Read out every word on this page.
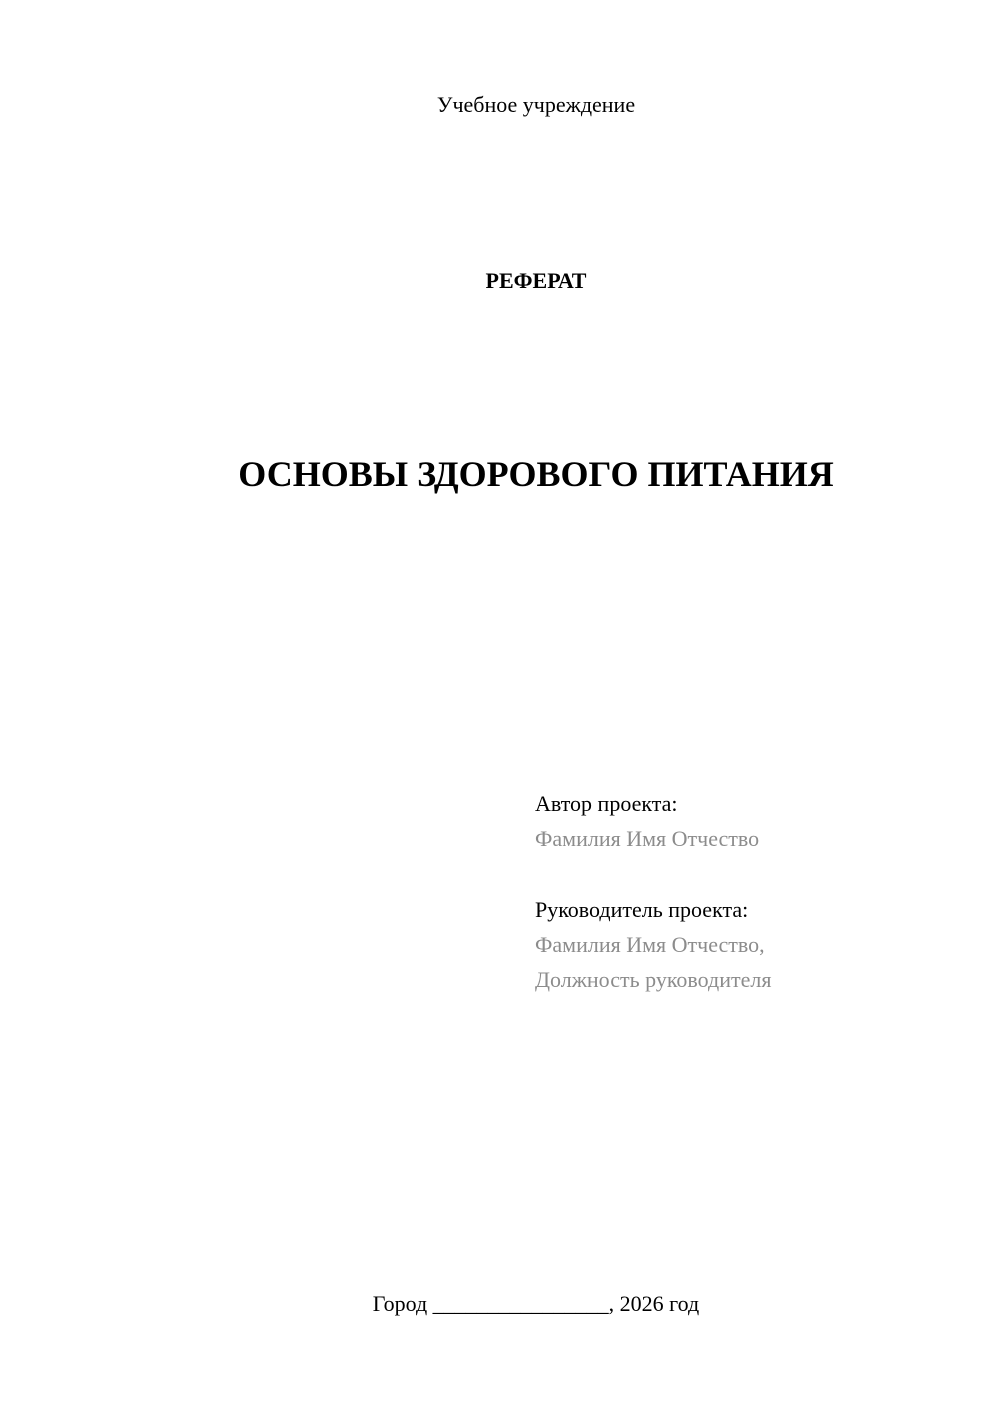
Учебное учреждение
РЕФЕРАТ
ОСНОВЫ ЗДОРОВОГО ПИТАНИЯ
Автор проекта:
Фамилия Имя Отчество
Руководитель проекта:
Фамилия Имя Отчество,
Должность руководителя
Город ________________, 2026 год
